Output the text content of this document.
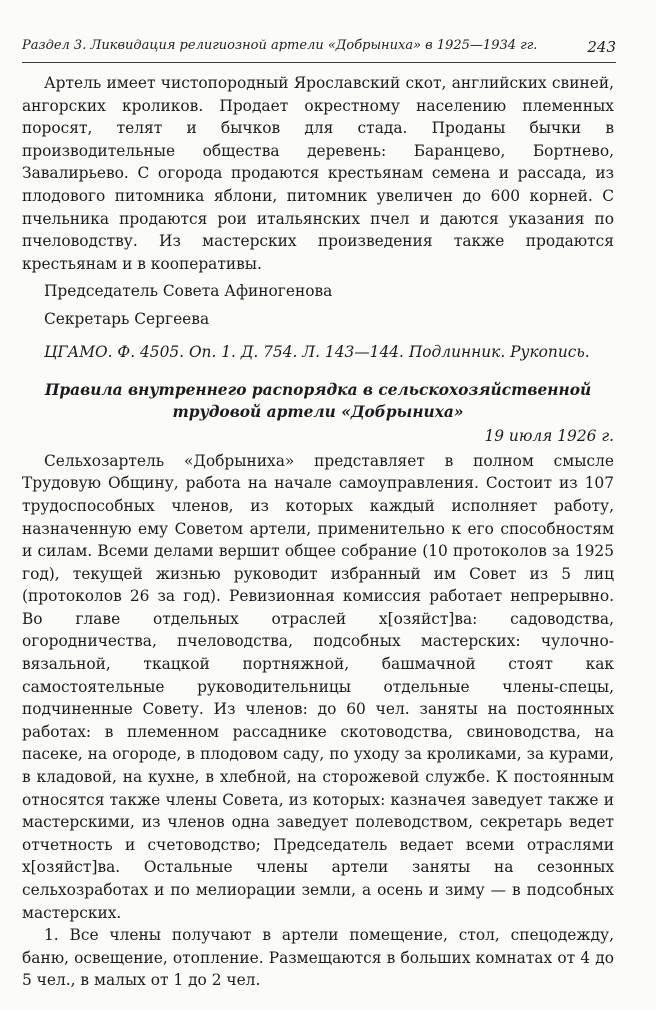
Раздел 3. Ликвидация религиозной артели «Добрыниха» в 1925—1934 гг.	243

Артель имеет чистопородный Ярославский скот, английских свиней, ангорских кроликов. Продает окрестному населению племенных поросят, телят и бычков для стада. Проданы бычки в производительные общества деревень: Баранцево, Бортнево, Завалирьево. С огорода продаются крестьянам семена и рассада, из плодового питомника яблони, питомник увеличен до 600 корней. С пчельника продаются рои итальянских пчел и даются указания по пчеловодству. Из мастерских произведения также продаются крестьянам и в кооперативы.

Председатель Совета Афиногенова

Секретарь Сергеева

ЦГАМО. Ф. 4505. Оп. 1. Д. 754. Л. 143—144. Подлинник. Рукопись.

Правила внутреннего распорядка в сельскохозяйственной трудовой артели «Добрыниха»

19 июля 1926 г.

Сельхозартель «Добрыниха» представляет в полном смысле Трудовую Общину, работа на начале самоуправления. Состоит из 107 трудоспособных членов, из которых каждый исполняет работу, назначенную ему Советом артели, применительно к его способностям и силам. Всеми делами вершит общее собрание (10 протоколов за 1925 год), текущей жизнью руководит избранный им Совет из 5 лиц (протоколов 26 за год). Ревизионная комиссия работает непрерывно. Во главе отдельных отраслей х[озяйст]ва: садоводства, огородничества, пчеловодства, подсобных мастерских: чулочно-вязальной, ткацкой портняжной, башмачной стоят как самостоятельные руководительницы отдельные члены-спецы, подчиненные Совету. Из членов: до 60 чел. заняты на постоянных работах: в племенном рассаднике скотоводства, свиноводства, на пасеке, на огороде, в плодовом саду, по уходу за кроликами, за курами, в кладовой, на кухне, в хлебной, на сторожевой службе. К постоянным относятся также члены Совета, из которых: казначея заведует также и мастерскими, из членов одна заведует полеводством, секретарь ведет отчетность и счетоводство; Председатель ведает всеми отраслями х[озяйст]ва. Остальные члены артели заняты на сезонных сельхозработах и по мелиорации земли, а осень и зиму — в подсобных мастерских.

1. Все члены получают в артели помещение, стол, спецодежду, баню, освещение, отопление. Размещаются в больших комнатах от 4 до 5 чел., в малых от 1 до 2 чел.
